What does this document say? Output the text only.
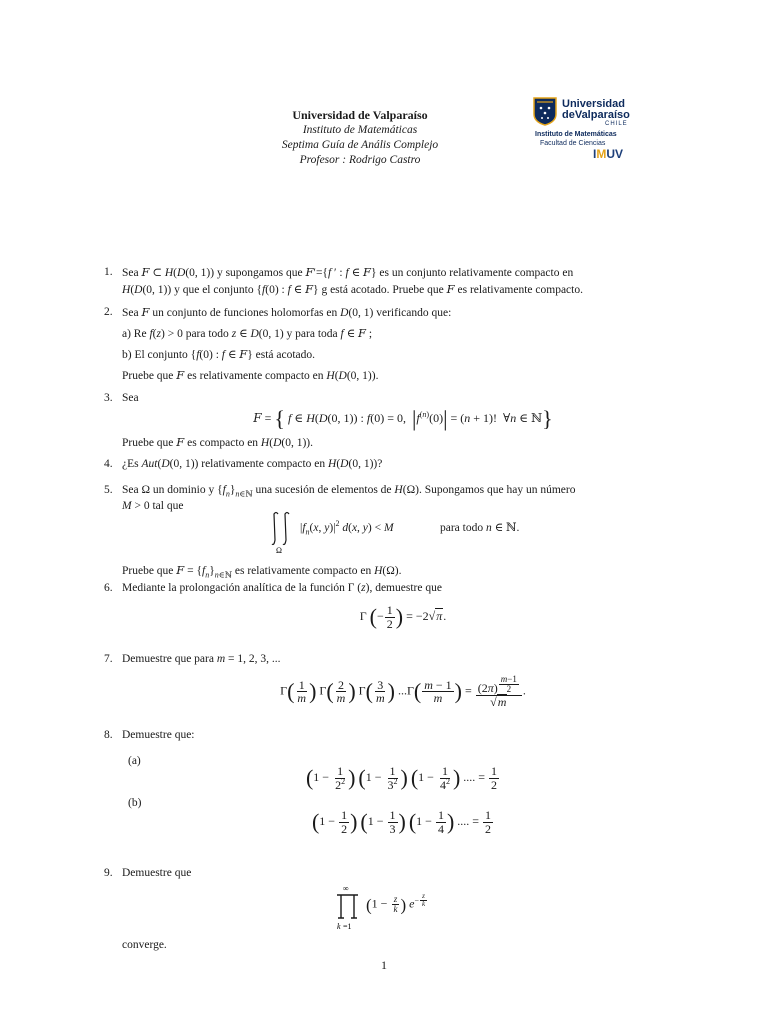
Universidad de Valparaíso
Instituto de Matemáticas
Septima Guía de Anális Complejo
Profesor : Rodrigo Castro
Universidad
deValparaíso
CHILE
Instituto de Matemáticas
Facultad de Ciencias
IMUV
1. Sea F ⊂ H(D(0, 1)) y supongamos que F′={f ′ : f ∈ F} es un conjunto relativamente compacto en
H(D(0, 1)) y que el conjunto {f(0) : f ∈ F} g está acotado. Pruebe que F es relativamente compacto.
2. Sea F un conjunto de funciones holomorfas en D(0, 1) verificando que:
a) Re f(z) > 0 para todo z ∈ D(0, 1) y para toda f ∈ F ;
b) El conjunto {f(0) : f ∈ F} está acotado.
Pruebe que F es relativamente compacto en H(D(0, 1)).
3. Sea
F = { f ∈ H(D(0, 1)) : f(0) = 0,  $|f^{(n)}(0)| = (n + 1)$!  ∀n ∈ ℕ}
Pruebe que F es compacto en H(D(0, 1)).
4. ¿Es Aut(D(0, 1)) relativamente compacto en H(D(0, 1))?
5. Sea Ω un dominio y $\{f_n\}_{n\in ℕ}$ una sucesión de elementos de H(Ω). Supongamos que hay un número
M > 0 tal que
Ω
$|f_n(x$, $y)|^2$ d(x, y) < M	para todo n ∈ ℕ.
Pruebe que $F = \{f_n\}_{n\in ℕ}$ es relativamente compacto en H(Ω).
6. Mediante la prolongación analítica de la función Γ (z), demuestre que
Γ (− $\frac{1}{2}$ ) = −2√π.
7. Demuestre que para m = 1, 2, 3, ...
$\Gamma( \frac{1}{m}$ ) $\Gamma( \frac{2}{m}$ ) $\Gamma( \frac{3}{m}$ ) $...\Gamma( \frac{m - 1}{m}$ ) = (2π) $^{\frac{m-1}{2}}$
√m .
8. Demuestre que:
(a)
($1 - \frac{1}{2^2}$ ) ($1 - \frac{1}{3^2}$ ) ($1 - \frac{1}{4^2}$ ) .... = $\frac{1}{2}$
(b)
($1 - \frac{1}{2}$ ) ($1 - \frac{1}{3}$ ) ($1 - \frac{1}{4}$ ) .... = $\frac{1}{2}$
9. Demuestre que
∞
k =1
($1 - \frac{z}{k}$ ) $e^{- \frac{z}{k}}$
converge.
1
